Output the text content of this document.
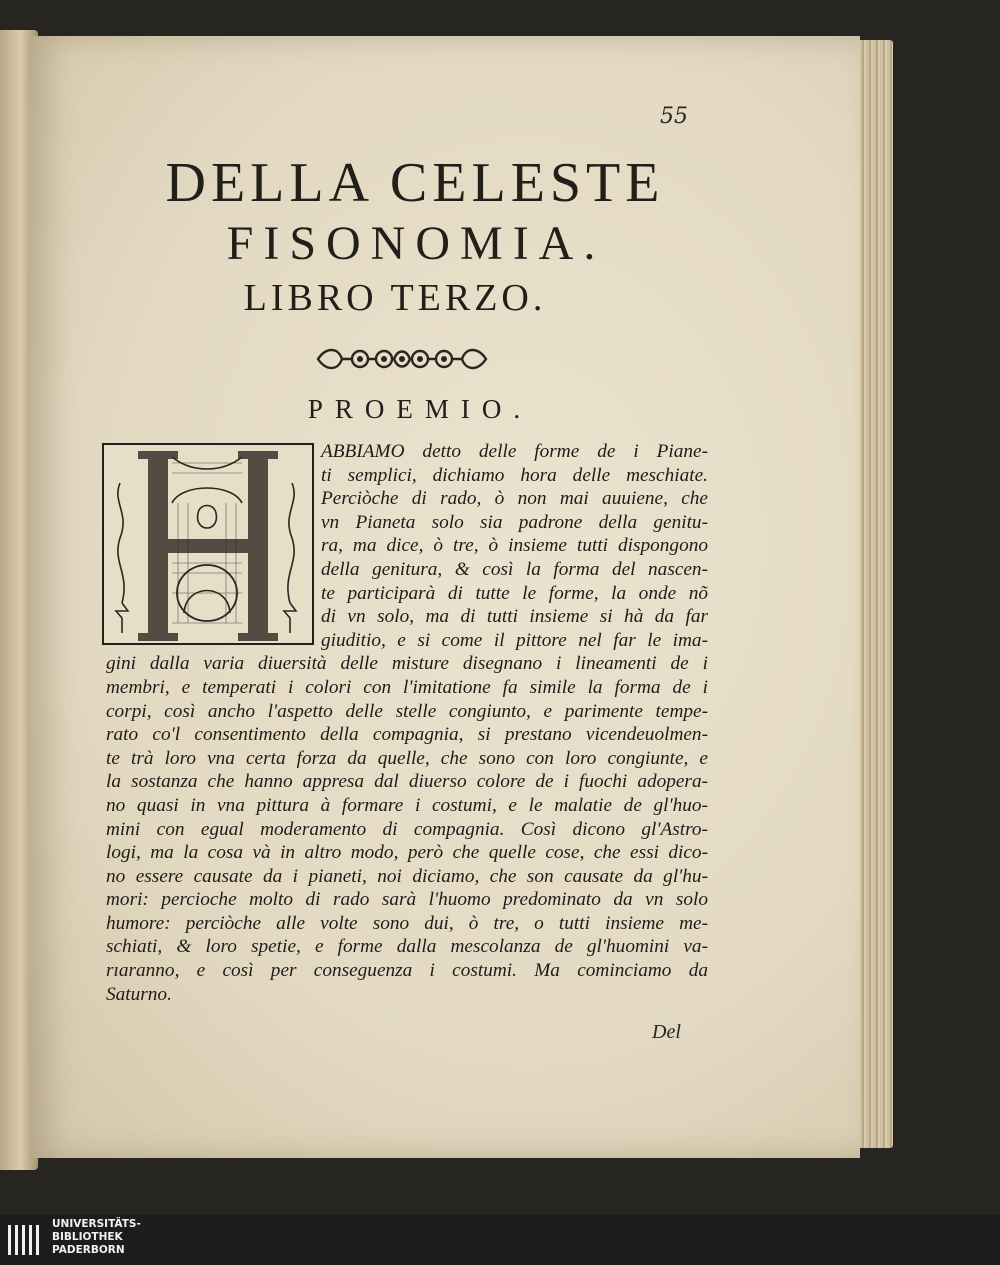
55
DELLA CELESTE
FISONOMIA.
LIBRO TERZO.
PROEMIO.
ABBIAMO detto delle forme de i Piane-
ti semplici, dichiamo hora delle meschiate.
Perciòche di rado, ò non mai auuiene, che
vn Pianeta solo sia padrone della genitu-
ra, ma dice, ò tre, ò insieme tutti dispongono
della genitura, & così la forma del nascen-
te participarà di tutte le forme, la onde nõ
di vn solo, ma di tutti insieme si hà da far
giuditio, e si come il pittore nel far le ima-
gini dalla varia diuersità delle misture disegnano i lineamenti de i
membri, e temperati i colori con l'imitatione fa simile la forma de i
corpi, così ancho l'aspetto delle stelle congiunto, e parimente tempe-
rato co'l consentimento della compagnia, si prestano vicendeuolmen-
te trà loro vna certa forza da quelle, che sono con loro congiunte, e
la sostanza che hanno appresa dal diuerso colore de i fuochi adopera-
no quasi in vna pittura à formare i costumi, e le malatie de gl'huo-
mini con egual moderamento di compagnia. Così dicono gl'Astro-
logi, ma la cosa và in altro modo, però che quelle cose, che essi dico-
no essere causate da i pianeti, noi diciamo, che son causate da gl'hu-
mori: percioche molto di rado sarà l'huomo predominato da vn solo
humore: perciòche alle volte sono dui, ò tre, o tutti insieme me-
schiati, & loro spetie, e forme dalla mescolanza de gl'huomini va-
rıaranno, e così per conseguenza i costumi. Ma cominciamo da
Saturno.
Del
UNIVERSITÄTS-
BIBLIOTHEK
PADERBORN
